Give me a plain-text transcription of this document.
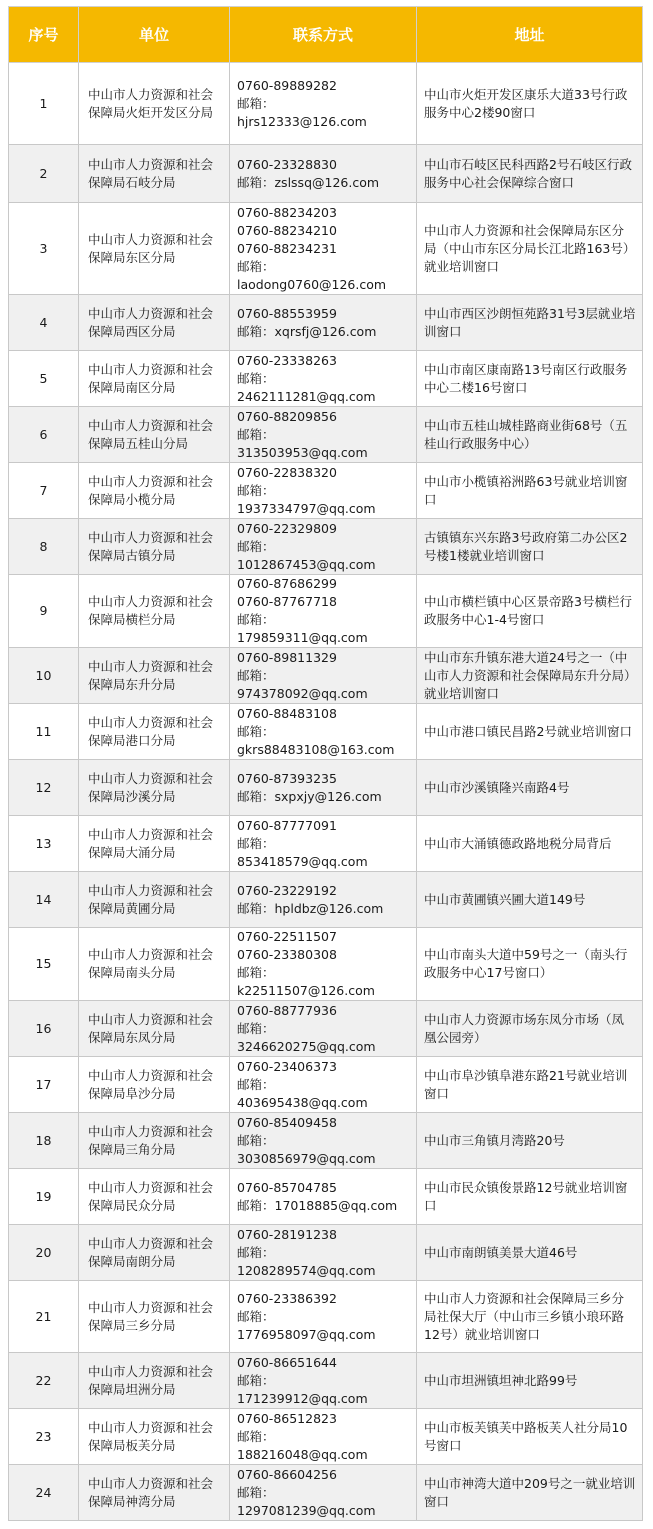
序号	单位	联系方式	地址
1	中山市人力资源和社会保障局火炬开发区分局	0760-89889282
邮箱：
hjrs12333@126.com	中山市火炬开发区康乐大道33号行政服务中心2楼90窗口
2	中山市人力资源和社会保障局石岐分局	0760-23328830
邮箱：zslssq@126.com	中山市石岐区民科西路2号石岐区行政服务中心社会保障综合窗口
3	中山市人力资源和社会保障局东区分局	0760-88234203
0760-88234210
0760-88234231
邮箱：
laodong0760@126.com	中山市人力资源和社会保障局东区分局（中山市东区分局长江北路163号）就业培训窗口
4	中山市人力资源和社会保障局西区分局	0760-88553959
邮箱：xqrsfj@126.com	中山市西区沙朗恒苑路31号3层就业培训窗口
5	中山市人力资源和社会保障局南区分局	0760-23338263
邮箱：
2462111281@qq.com	中山市南区康南路13号南区行政服务中心二楼16号窗口
6	中山市人力资源和社会保障局五桂山分局	0760-88209856
邮箱：
313503953@qq.com	中山市五桂山城桂路商业街68号（五桂山行政服务中心）
7	中山市人力资源和社会保障局小榄分局	0760-22838320
邮箱：
1937334797@qq.com	中山市小榄镇裕洲路63号就业培训窗口
8	中山市人力资源和社会保障局古镇分局	0760-22329809
邮箱：
1012867453@qq.com	古镇镇东兴东路3号政府第二办公区2号楼1楼就业培训窗口
9	中山市人力资源和社会保障局横栏分局	0760-87686299
0760-87767718
邮箱：
179859311@qq.com	中山市横栏镇中心区景帝路3号横栏行政服务中心1-4号窗口
10	中山市人力资源和社会保障局东升分局	0760-89811329
邮箱：
974378092@qq.com	中山市东升镇东港大道24号之一（中山市人力资源和社会保障局东升分局）就业培训窗口
11	中山市人力资源和社会保障局港口分局	0760-88483108
邮箱：
gkrs88483108@163.com	中山市港口镇民昌路2号就业培训窗口
12	中山市人力资源和社会保障局沙溪分局	0760-87393235
邮箱：sxpxjy@126.com	中山市沙溪镇隆兴南路4号
13	中山市人力资源和社会保障局大涌分局	0760-87777091
邮箱：
853418579@qq.com	中山市大涌镇德政路地税分局背后
14	中山市人力资源和社会保障局黄圃分局	0760-23229192
邮箱：hpldbz@126.com	中山市黄圃镇兴圃大道149号
15	中山市人力资源和社会保障局南头分局	0760-22511507
0760-23380308
邮箱：
k22511507@126.com	中山市南头大道中59号之一（南头行政服务中心17号窗口）
16	中山市人力资源和社会保障局东凤分局	0760-88777936
邮箱：
3246620275@qq.com	中山市人力资源市场东凤分市场（凤凰公园旁）
17	中山市人力资源和社会保障局阜沙分局	0760-23406373
邮箱：
403695438@qq.com	中山市阜沙镇阜港东路21号就业培训窗口
18	中山市人力资源和社会保障局三角分局	0760-85409458
邮箱：
3030856979@qq.com	中山市三角镇月湾路20号
19	中山市人力资源和社会保障局民众分局	0760-85704785
邮箱：17018885@qq.com	中山市民众镇俊景路12号就业培训窗口
20	中山市人力资源和社会保障局南朗分局	0760-28191238
邮箱：
1208289574@qq.com	中山市南朗镇美景大道46号
21	中山市人力资源和社会保障局三乡分局	0760-23386392
邮箱：
1776958097@qq.com	中山市人力资源和社会保障局三乡分局社保大厅（中山市三乡镇小琅环路12号）就业培训窗口
22	中山市人力资源和社会保障局坦洲分局	0760-86651644
邮箱：
171239912@qq.com	中山市坦洲镇坦神北路99号
23	中山市人力资源和社会保障局板芙分局	0760-86512823
邮箱：
188216048@qq.com	中山市板芙镇芙中路板芙人社分局10号窗口
24	中山市人力资源和社会保障局神湾分局	0760-86604256
邮箱：
1297081239@qq.com	中山市神湾大道中209号之一就业培训窗口
